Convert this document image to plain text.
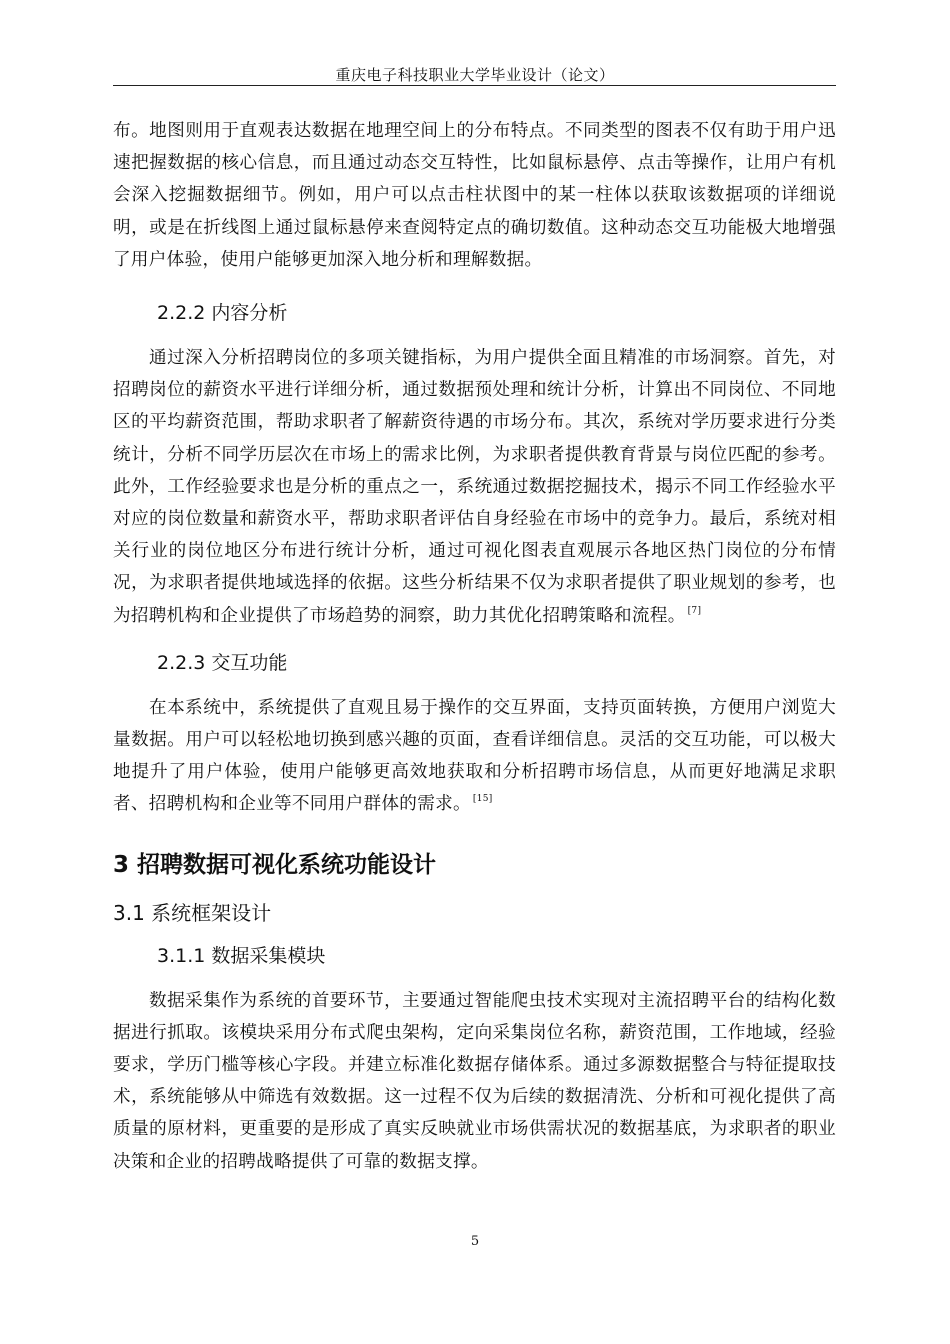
重庆电子科技职业大学毕业设计（论文）

布。地图则用于直观表达数据在地理空间上的分布特点。不同类型的图表不仅有助于用户迅速把握数据的核心信息，而且通过动态交互特性，比如鼠标悬停、点击等操作，让用户有机会深入挖掘数据细节。例如，用户可以点击柱状图中的某一柱体以获取该数据项的详细说明，或是在折线图上通过鼠标悬停来查阅特定点的确切数值。这种动态交互功能极大地增强了用户体验，使用户能够更加深入地分析和理解数据。

2.2.2 内容分析

通过深入分析招聘岗位的多项关键指标，为用户提供全面且精准的市场洞察。首先，对招聘岗位的薪资水平进行详细分析，通过数据预处理和统计分析，计算出不同岗位、不同地区的平均薪资范围，帮助求职者了解薪资待遇的市场分布。其次，系统对学历要求进行分类统计，分析不同学历层次在市场上的需求比例，为求职者提供教育背景与岗位匹配的参考。此外，工作经验要求也是分析的重点之一，系统通过数据挖掘技术，揭示不同工作经验水平对应的岗位数量和薪资水平，帮助求职者评估自身经验在市场中的竞争力。最后，系统对相关行业的岗位地区分布进行统计分析，通过可视化图表直观展示各地区热门岗位的分布情况，为求职者提供地域选择的依据。这些分析结果不仅为求职者提供了职业规划的参考，也为招聘机构和企业提供了市场趋势的洞察，助力其优化招聘策略和流程。 [7]

2.2.3 交互功能

在本系统中，系统提供了直观且易于操作的交互界面，支持页面转换，方便用户浏览大量数据。用户可以轻松地切换到感兴趣的页面，查看详细信息。灵活的交互功能，可以极大地提升了用户体验，使用户能够更高效地获取和分析招聘市场信息，从而更好地满足求职者、招聘机构和企业等不同用户群体的需求。 [15]

3 招聘数据可视化系统功能设计
3.1 系统框架设计
3.1.1 数据采集模块

数据采集作为系统的首要环节，主要通过智能爬虫技术实现对主流招聘平台的结构化数据进行抓取。该模块采用分布式爬虫架构，定向采集岗位名称，薪资范围，工作地域，经验要求，学历门槛等核心字段。并建立标准化数据存储体系。通过多源数据整合与特征提取技术，系统能够从中筛选有效数据。这一过程不仅为后续的数据清洗、分析和可视化提供了高质量的原材料，更重要的是形成了真实反映就业市场供需状况的数据基底，为求职者的职业决策和企业的招聘战略提供了可靠的数据支撑。

5
